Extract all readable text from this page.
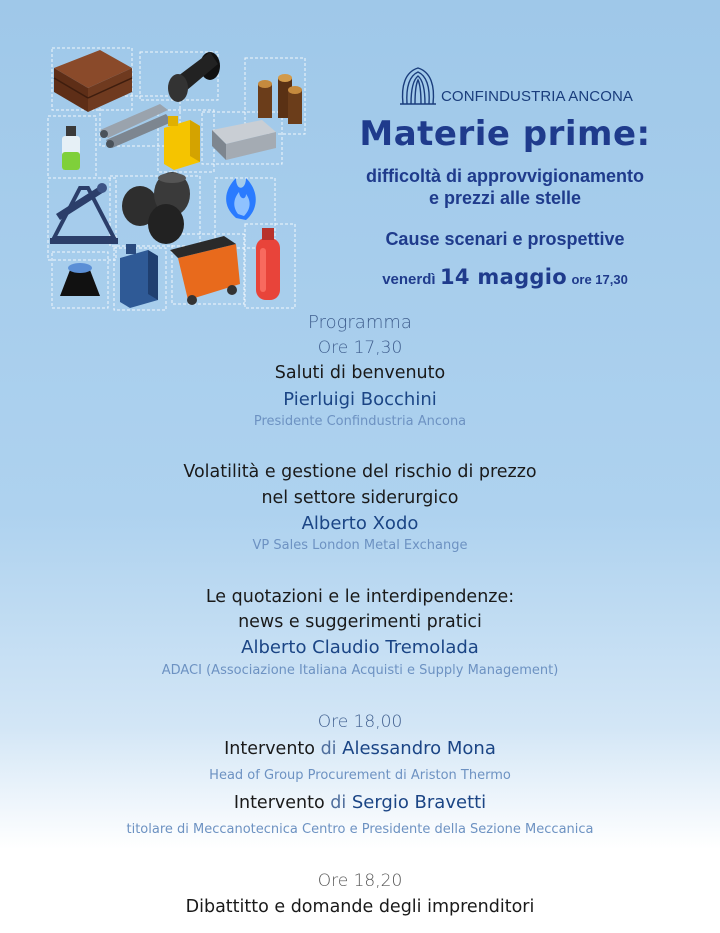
CONFINDUSTRIA ANCONA
Materie prime:
difficoltà di approvvigionamento
e prezzi alle stelle
Cause scenari e prospettive
venerdì 14 maggio ore 17,30
Programma
Ore 17,30
Saluti di benvenuto
Pierluigi Bocchini
Presidente Confindustria Ancona
Volatilità e gestione del rischio di prezzo
nel settore siderurgico
Alberto Xodo
VP Sales London Metal Exchange
Le quotazioni e le interdipendenze:
news e suggerimenti pratici
Alberto Claudio Tremolada
ADACI (Associazione Italiana Acquisti e Supply Management)
Ore 18,00
Intervento di Alessandro Mona
Head of Group Procurement di Ariston Thermo
Intervento di Sergio Bravetti
titolare di Meccanotecnica Centro e Presidente della Sezione Meccanica
Ore 18,20
Dibattitto e domande degli imprenditori
